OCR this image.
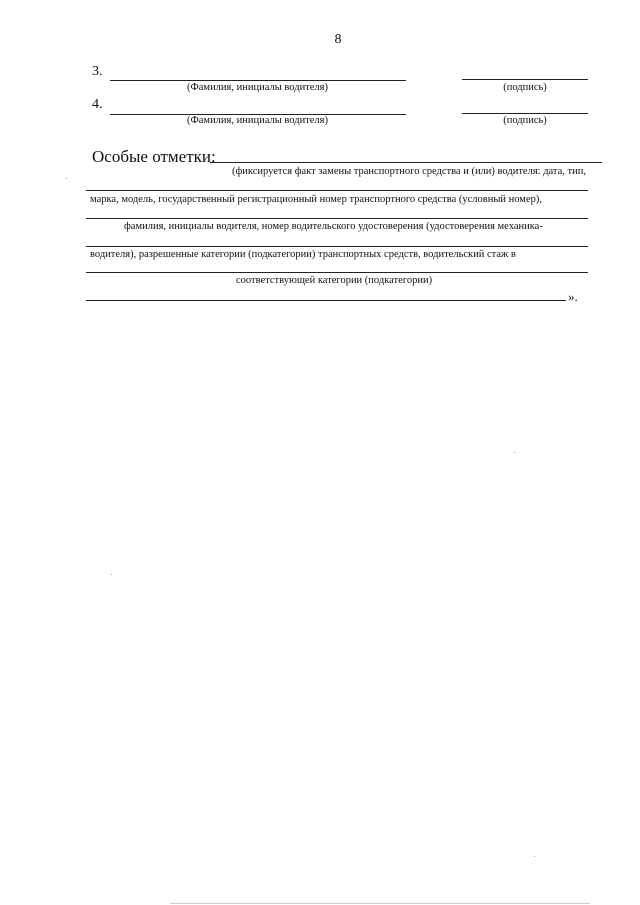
8
3.
(Фамилия, инициалы водителя)	(подпись)
4.
(Фамилия, инициалы водителя)	(подпись)
Особые отметки:
(фиксируется факт замены транспортного средства и (или) водителя: дата, тип,
марка, модель, государственный регистрационный номер транспортного средства (условный номер),
фамилия, инициалы водителя, номер водительского удостоверения (удостоверения механика-
водителя), разрешенные категории (подкатегории) транспортных средств, водительский стаж в
соответствующей категории (подкатегории)
».
